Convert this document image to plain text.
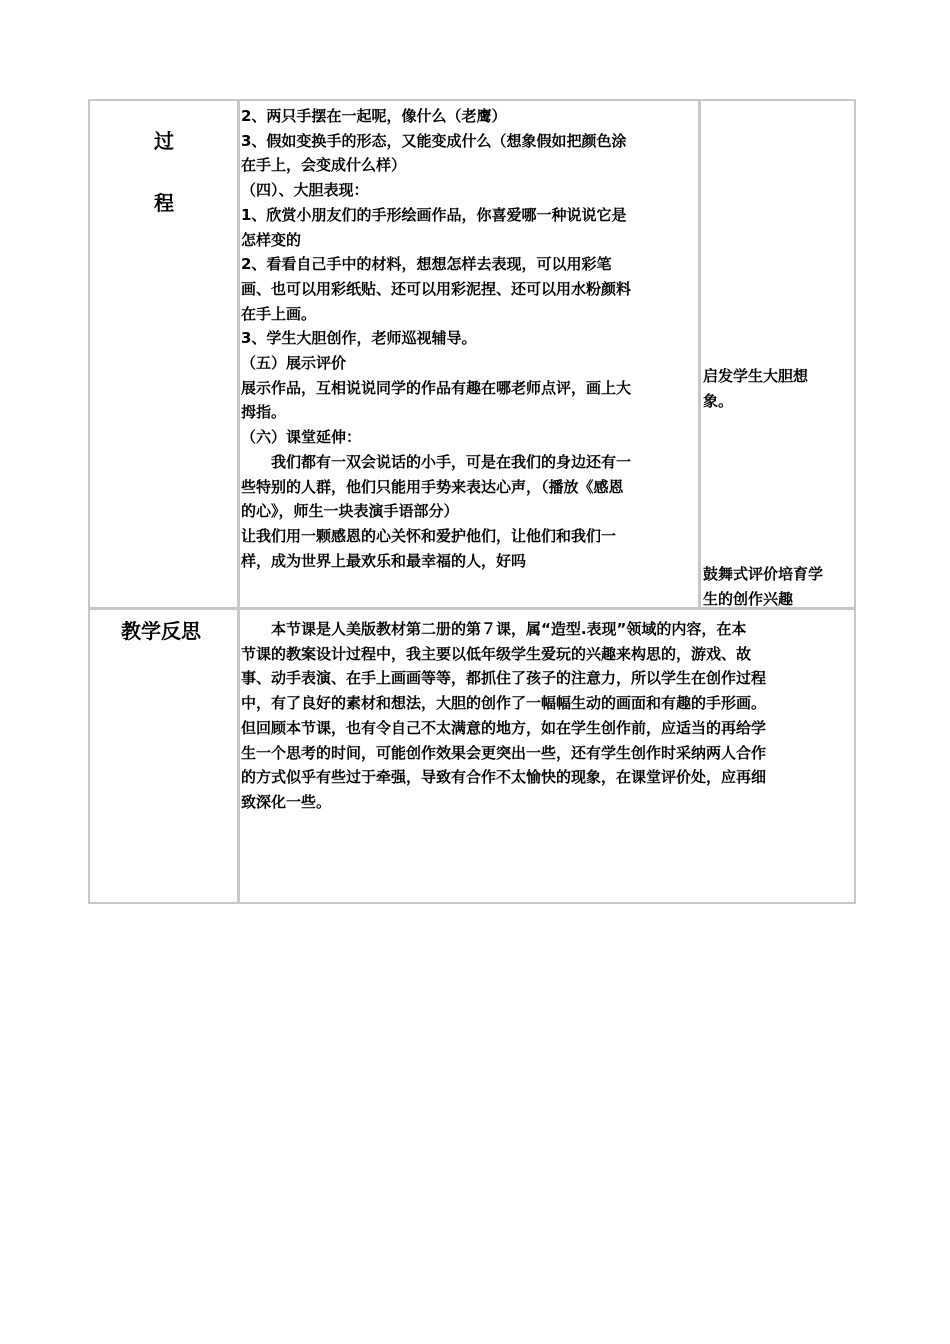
过
程
2、两只手摆在一起呢，像什么（老鹰）
3、假如变换手的形态，又能变成什么（想象假如把颜色涂
在手上，会变成什么样）
（四）、大胆表现：
1、欣赏小朋友们的手形绘画作品，你喜爱哪一种说说它是
怎样变的
2、看看自己手中的材料，想想怎样去表现，可以用彩笔
画、也可以用彩纸贴、还可以用彩泥捏、还可以用水粉颜料
在手上画。
3、学生大胆创作，老师巡视辅导。
（五）展示评价
展示作品，互相说说同学的作品有趣在哪老师点评，画上大
拇指。
（六）课堂延伸：
我们都有一双会说话的小手，可是在我们的身边还有一
些特别的人群，他们只能用手势来表达心声，（播放《感恩
的心》，师生一块表演手语部分）
让我们用一颗感恩的心关怀和爱护他们，让他们和我们一
样，成为世界上最欢乐和最幸福的人，好吗
启发学生大胆想
象。
鼓舞式评价培育学
生的创作兴趣
教学反思	本节课是人美版教材第二册的第７课，属“造型.表现”领域的内容，在本
节课的教案设计过程中，我主要以低年级学生爱玩的兴趣来构思的，游戏、故
事、动手表演、在手上画画等等，都抓住了孩子的注意力，所以学生在创作过程
中，有了良好的素材和想法，大胆的创作了一幅幅生动的画面和有趣的手形画。
但回顾本节课，也有令自己不太满意的地方，如在学生创作前，应适当的再给学
生一个思考的时间，可能创作效果会更突出一些，还有学生创作时采纳两人合作
的方式似乎有些过于牵强，导致有合作不太愉快的现象，在课堂评价处，应再细
致深化一些。
